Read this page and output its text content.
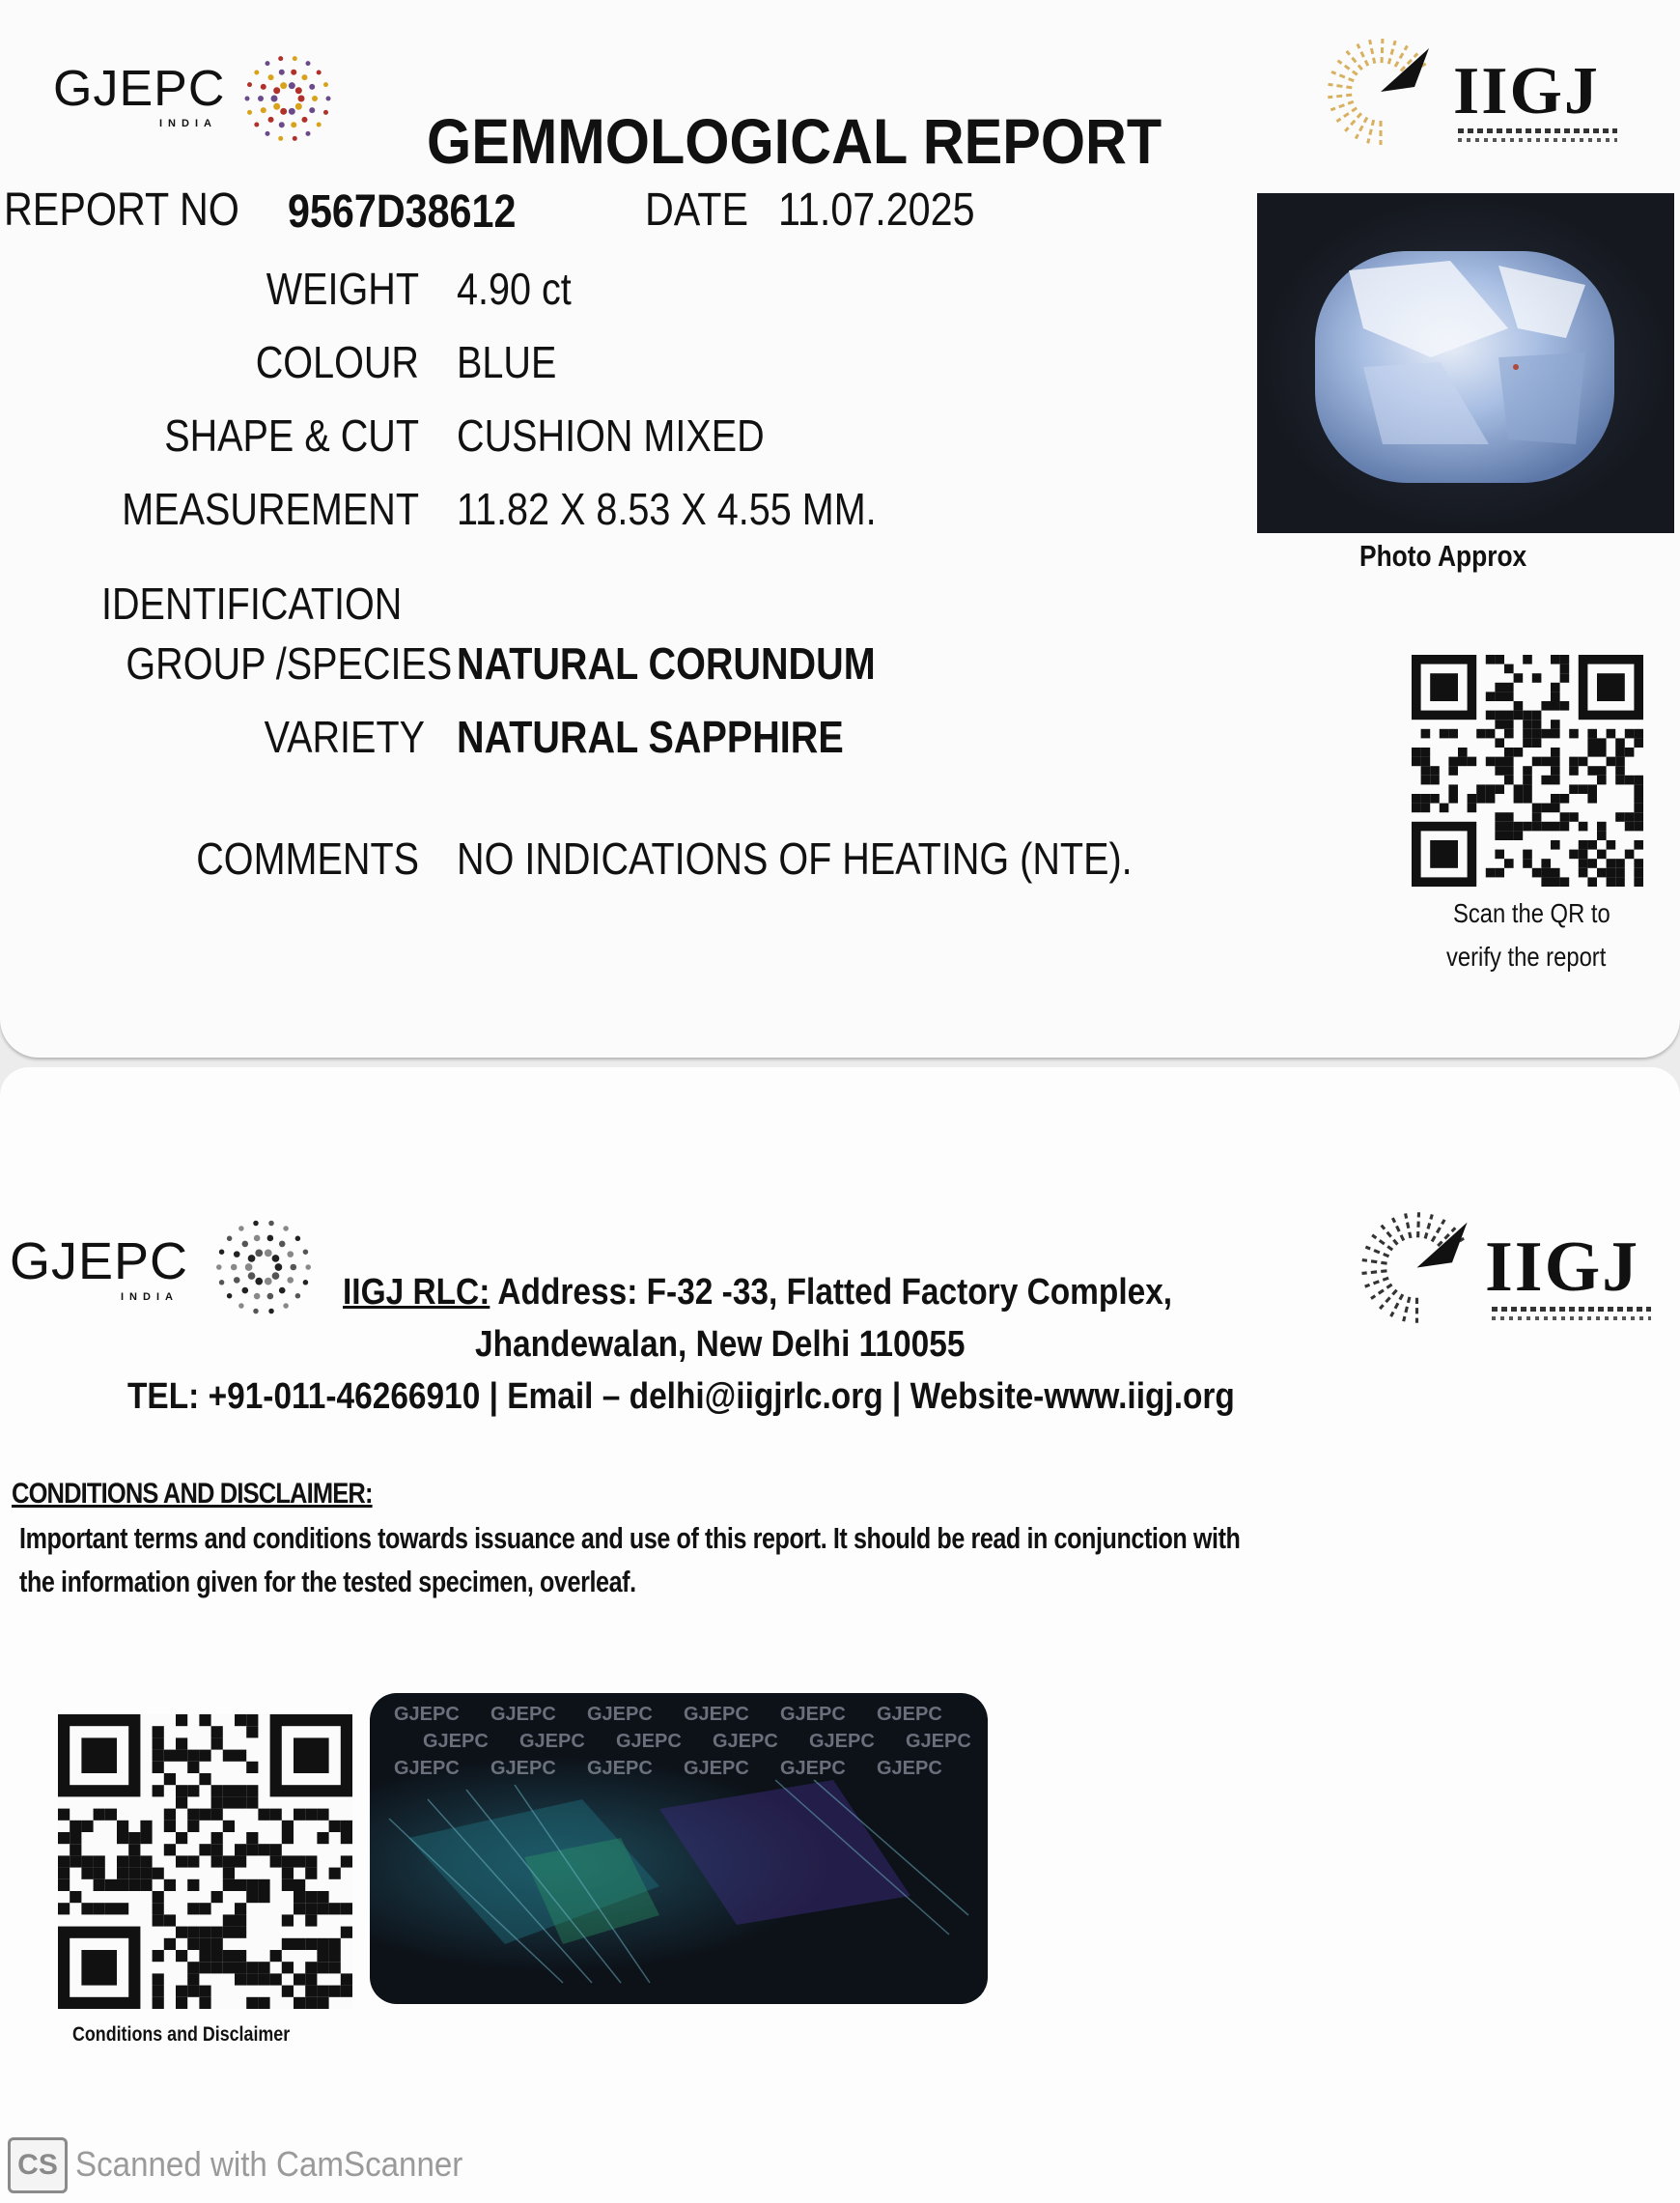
GJEPC
INDIA	IIGJ
GEMMOLOGICAL REPORT
REPORT NO 9567D38612	DATE 11.07.2025
WEIGHT 4.90 ct
COLOUR BLUE
SHAPE & CUT CUSHION MIXED
MEASUREMENT 11.82 X 8.53 X 4.55 MM.
IDENTIFICATION
GROUP /SPECIES NATURAL CORUNDUM
VARIETY NATURAL SAPPHIRE
COMMENTS NO INDICATIONS OF HEATING (NTE).
Photo Approx
Scan the QR to
verify the report
GJEPC
INDIA	IIGJ
IIGJ RLC: Address: F-32 -33, Flatted Factory Complex,
Jhandewalan, New Delhi 110055
TEL: +91-011-46266910 | Email – delhi@iigjrlc.org | Website-www.iigj.org
CONDITIONS AND DISCLAIMER:
Important terms and conditions towards issuance and use of this report. It should be read in conjunction with
the information given for the tested specimen, overleaf.
Conditions and Disclaimer
GJEPC GJEPC GJEPC GJEPC GJEPC GJEPC
GJEPC GJEPC GJEPC GJEPC GJEPC GJEPC
GJEPC GJEPC GJEPC GJEPC GJEPC GJEPC
CS Scanned with CamScanner
